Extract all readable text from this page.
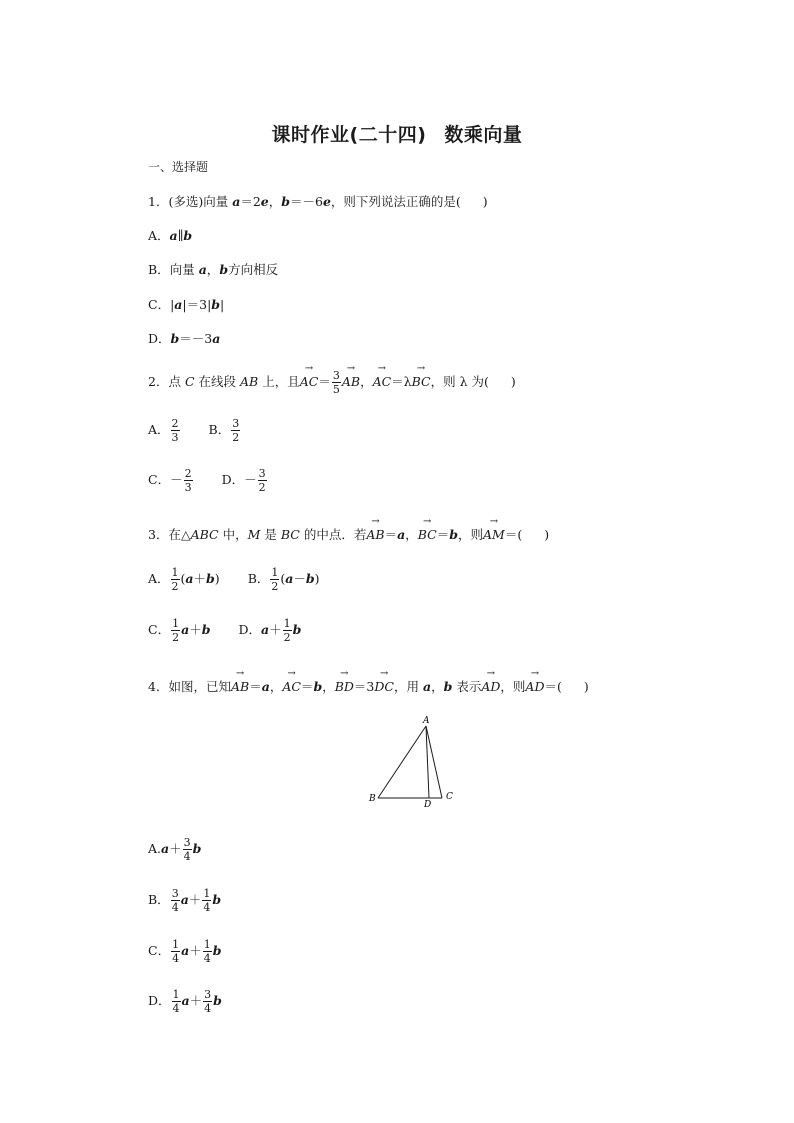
课时作业(二十四) 数乘向量
一、选择题
1．(多选)向量 a＝2e，b＝－6e，则下列说法正确的是( )
A．a∥b
B．向量 a，b方向相反
C．|a|＝3|b|
D．b＝－3a
2．点 C 在线段 AB 上，且→ $AC= \frac{3}{5}$
→ AB，→ AC＝λ→ BC，则 λ 为( )
A． $\frac{2}{3}$ B． $\frac{3}{2}$
C．－ $\frac{2}{3}$ D．－ $\frac{3}{2}$
3．在△ABC 中，M 是 BC 的中点．若→ AB＝a，→ BC＝b，则→ AM＝( )
A． $\frac{1}{2} (a+b)$ B． $\frac{1}{2} (a-b)$
C． $\frac{1}{2} a+b$ D．$a+ \frac{1}{2}$ b
4．如图，已知→ AB＝a，→ AC＝b，→ BD＝3→ DC，用 a，b 表示→ AD，则→ AD＝( )
A
B	C
D
$A.a+ \frac{3}{4}$ b
B． $\frac{3}{4} a+ \frac{1}{4}$ b
C． $\frac{1}{4} a+ \frac{1}{4}$ b
D． $\frac{1}{4} a+ \frac{3}{4}$ b
